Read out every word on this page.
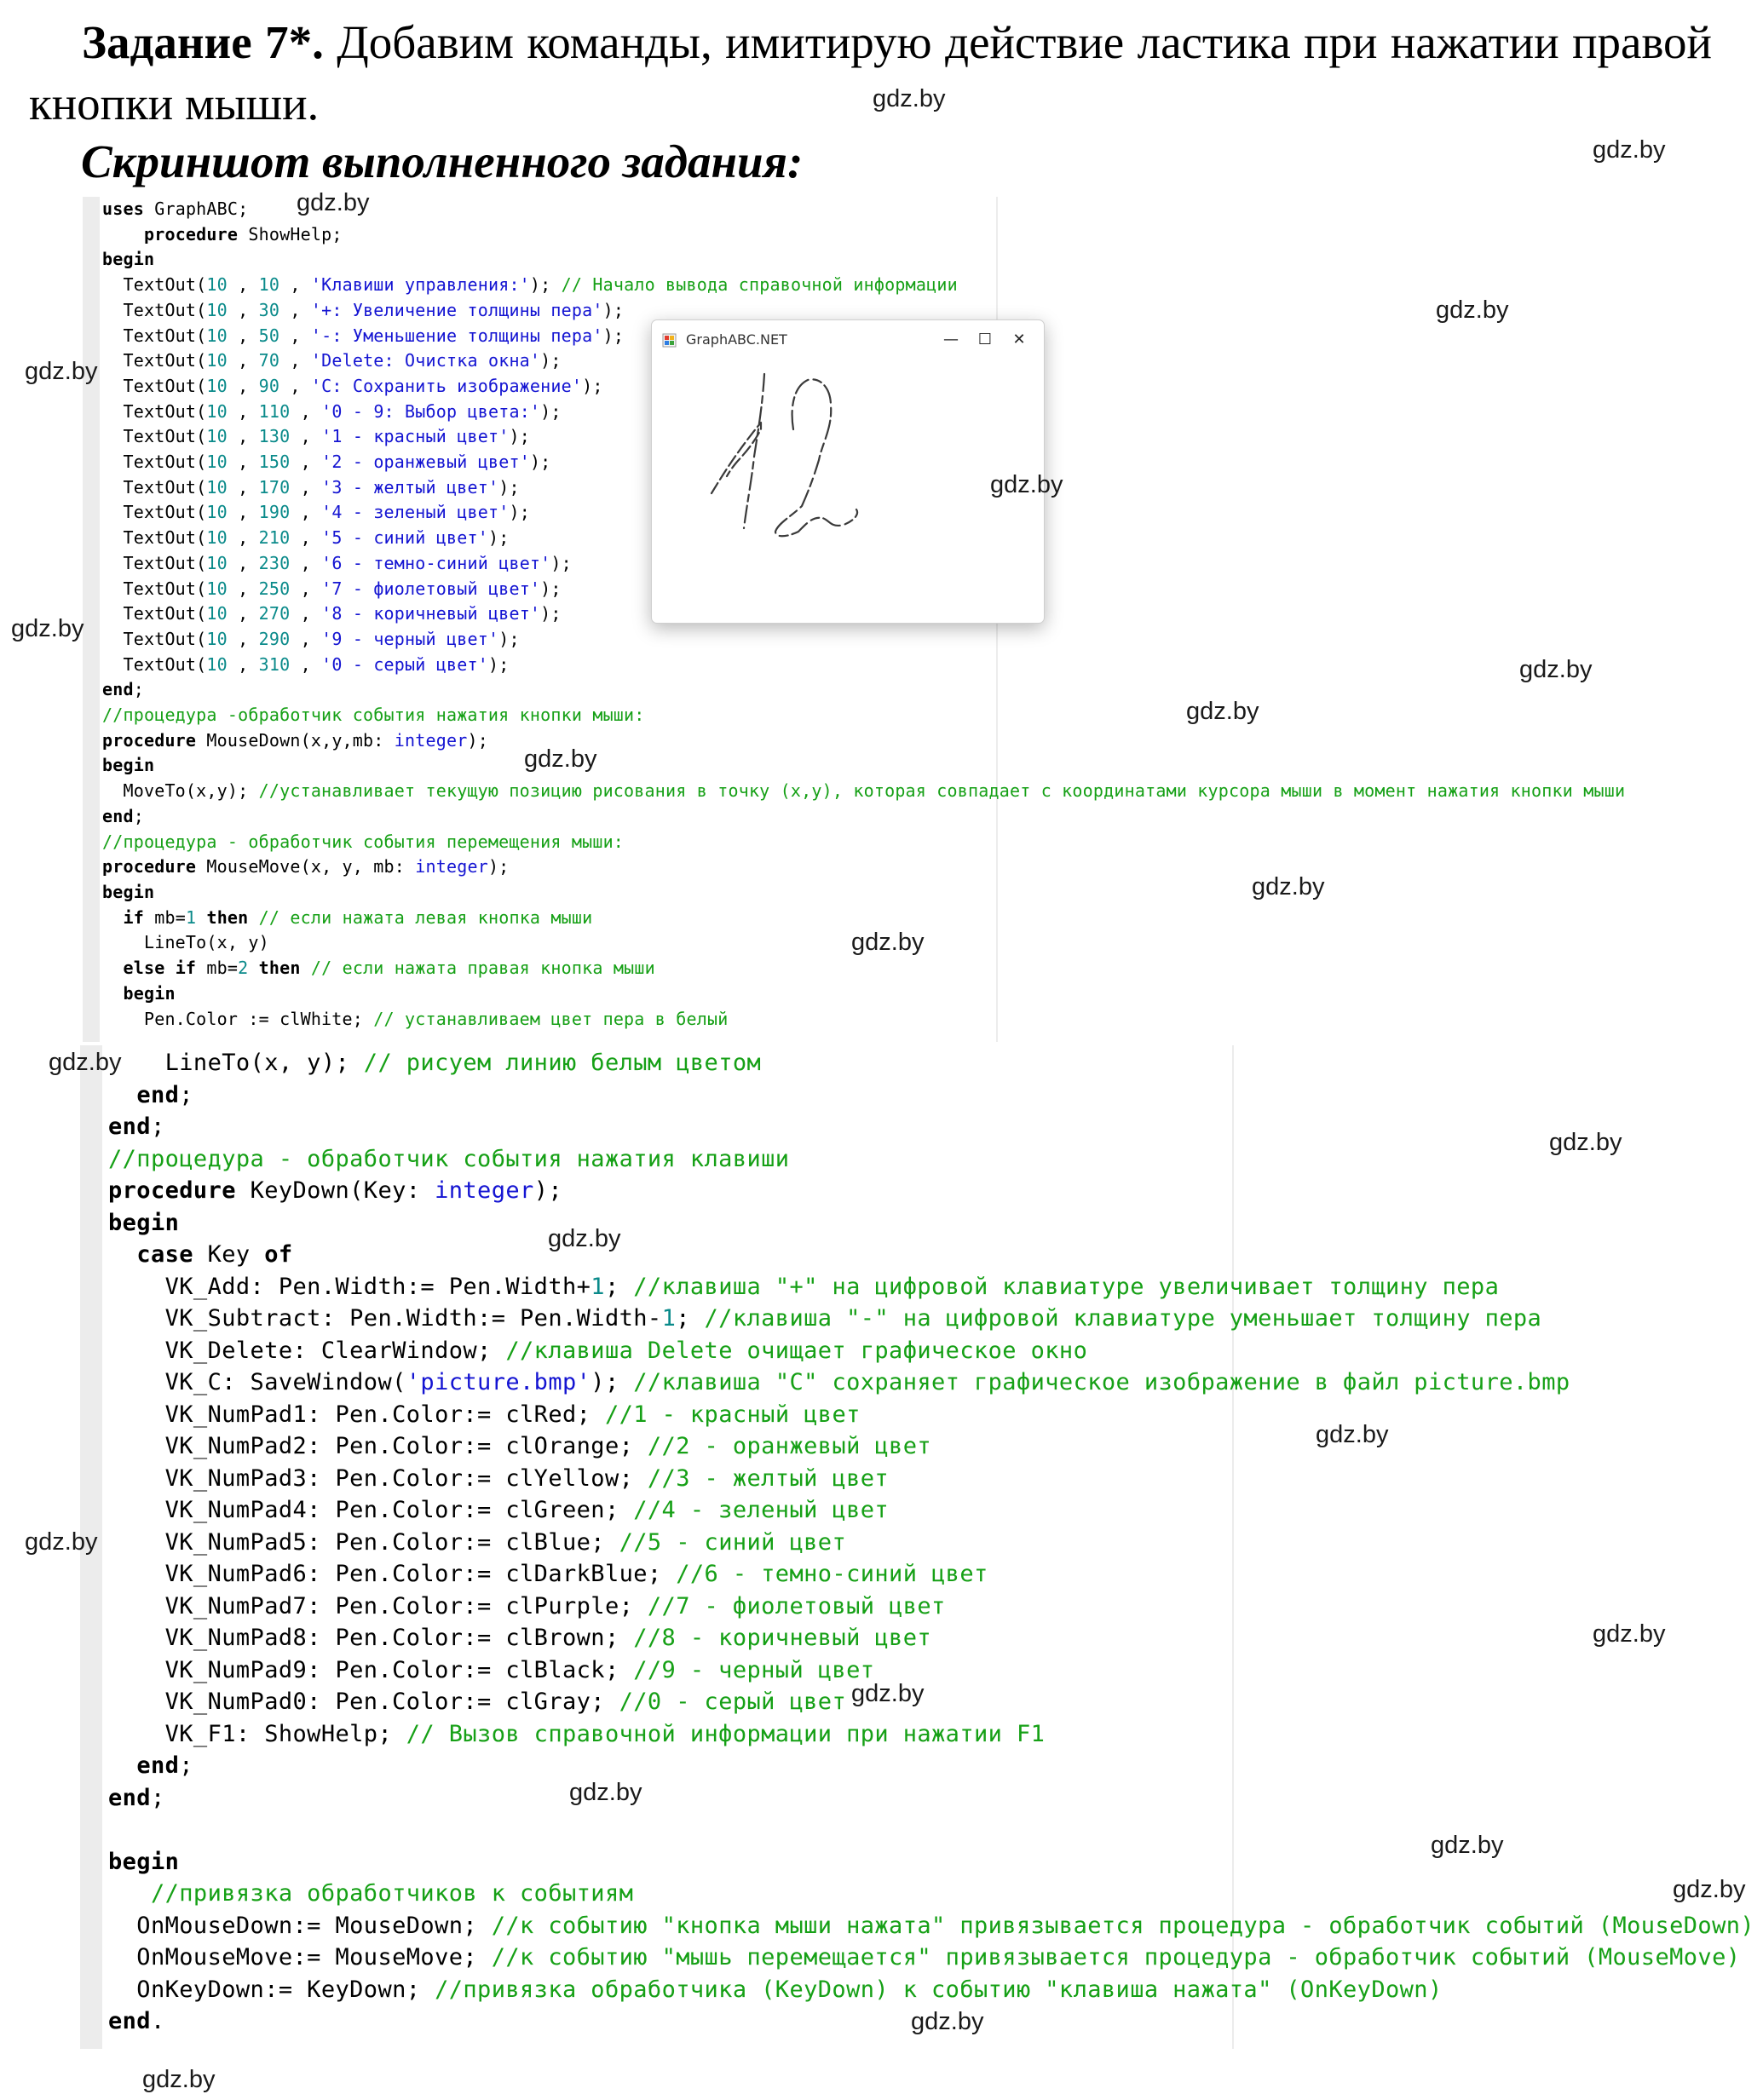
Задание 7*. Добавим команды, имитирую действие ластика при нажатии правой кнопки мыши.

Скриншот выполненного задания:

uses GraphABC;
procedure ShowHelp;
begin
TextOut(10 , 10 , 'Клавиши управления:'); // Начало вывода справочной информации
TextOut(10 , 30 , '+: Увеличение толщины пера');
TextOut(10 , 50 , '-: Уменьшение толщины пера');
TextOut(10 , 70 , 'Delete: Очистка окна');
TextOut(10 , 90 , 'C: Сохранить изображение');
TextOut(10 , 110 , '0 - 9: Выбор цвета:');
TextOut(10 , 130 , '1 - красный цвет');
TextOut(10 , 150 , '2 - оранжевый цвет');
TextOut(10 , 170 , '3 - желтый цвет');
TextOut(10 , 190 , '4 - зеленый цвет');
TextOut(10 , 210 , '5 - синий цвет');
TextOut(10 , 230 , '6 - темно-синий цвет');
TextOut(10 , 250 , '7 - фиолетовый цвет');
TextOut(10 , 270 , '8 - коричневый цвет');
TextOut(10 , 290 , '9 - черный цвет');
TextOut(10 , 310 , '0 - серый цвет');
end;
//процедура -обработчик события нажатия кнопки мыши:
procedure MouseDown(x,y,mb: integer);
begin
MoveTo(x,y); //устанавливает текущую позицию рисования в точку (x,y), которая совпадает с координатами курсора мыши в момент нажатия кнопки мыши
end;
//процедура - обработчик события перемещения мыши:
procedure MouseMove(x, y, mb: integer);
begin
if mb=1 then // если нажата левая кнопка мыши
LineTo(x, y)
else if mb=2 then // если нажата правая кнопка мыши
begin
Pen.Color := clWhite; // устанавливаем цвет пера в белый
LineTo(x, y); // рисуем линию белым цветом
end;
end;
//процедура - обработчик события нажатия клавиши
procedure KeyDown(Key: integer);
begin
case Key of
VK_Add: Pen.Width:= Pen.Width+1; //клавиша "+" на цифровой клавиатуре увеличивает толщину пера
VK_Subtract: Pen.Width:= Pen.Width-1; //клавиша "-" на цифровой клавиатуре уменьшает толщину пера
VK_Delete: ClearWindow; //клавиша Delete очищает графическое окно
VK_C: SaveWindow('picture.bmp'); //клавиша "C" сохраняет графическое изображение в файл picture.bmp
VK_NumPad1: Pen.Color:= clRed; //1 - красный цвет
VK_NumPad2: Pen.Color:= clOrange; //2 - оранжевый цвет
VK_NumPad3: Pen.Color:= clYellow; //3 - желтый цвет
VK_NumPad4: Pen.Color:= clGreen; //4 - зеленый цвет
VK_NumPad5: Pen.Color:= clBlue; //5 - синий цвет
VK_NumPad6: Pen.Color:= clDarkBlue; //6 - темно-синий цвет
VK_NumPad7: Pen.Color:= clPurple; //7 - фиолетовый цвет
VK_NumPad8: Pen.Color:= clBrown; //8 - коричневый цвет
VK_NumPad9: Pen.Color:= clBlack; //9 - черный цвет
VK_NumPad0: Pen.Color:= clGray; //0 - серый цвет
VK_F1: ShowHelp; // Вызов справочной информации при нажатии F1
end;
end;

begin
//привязка обработчиков к событиям
OnMouseDown:= MouseDown; //к событию "кнопка мыши нажата" привязывается процедура - обработчик событий (MouseDown)
OnMouseMove:= MouseMove; //к событию "мышь перемещается" привязывается процедура - обработчик событий (MouseMove)
OnKeyDown:= KeyDown; //привязка обработчика (KeyDown) к событию "клавиша нажата" (OnKeyDown)
end.
GraphABC.NET	— ☐	✕
gdz.by
gdz.by
gdz.by
gdz.by
gdz.by
gdz.by
gdz.by
gdz.by
gdz.by
gdz.by
gdz.by
gdz.by
gdz.by
gdz.by
gdz.by
gdz.by
gdz.by
gdz.by
gdz.by
gdz.by
gdz.by
gdz.by
gdz.by
gdz.by
